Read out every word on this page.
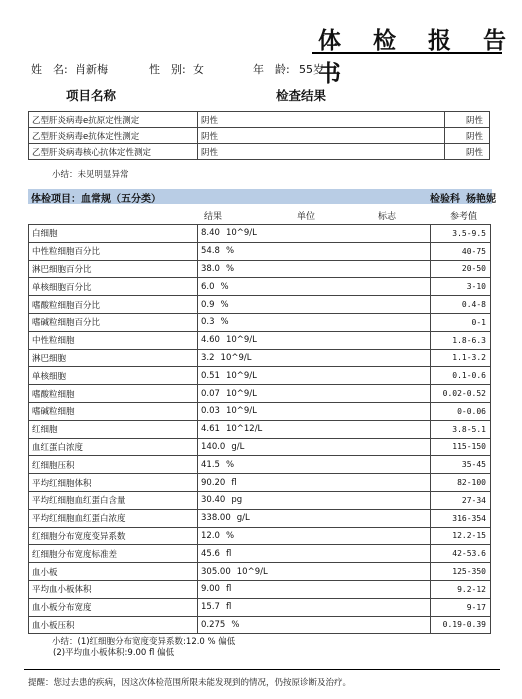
体 检 报 告 书
姓　名: 肖新梅	性　别: 女	年　龄: 55岁
项目名称	检查结果
乙型肝炎病毒e抗原定性测定	阴性	阴性
乙型肝炎病毒e抗体定性测定	阴性	阴性
乙型肝炎病毒核心抗体定性测定	阴性	阴性
小结：未见明显异常
体检项目：血常规（五分类）	检验科 杨艳妮
结果	单位	标志	参考值
白细胞	8.40 10^9/L	3.5-9.5
中性粒细胞百分比	54.8 %	40-75
淋巴细胞百分比	38.0 %	20-50
单核细胞百分比	6.0 %	3-10
嗜酸粒细胞百分比	0.9 %	0.4-8
嗜碱粒细胞百分比	0.3 %	0-1
中性粒细胞	4.60 10^9/L	1.8-6.3
淋巴细胞	3.2 10^9/L	1.1-3.2
单核细胞	0.51 10^9/L	0.1-0.6
嗜酸粒细胞	0.07 10^9/L	0.02-0.52
嗜碱粒细胞	0.03 10^9/L	0-0.06
红细胞	4.61 10^12/L	3.8-5.1
血红蛋白浓度	140.0 g/L	115-150
红细胞压积	41.5 %	35-45
平均红细胞体积	90.20 fl	82-100
平均红细胞血红蛋白含量	30.40 pg	27-34
平均红细胞血红蛋白浓度	338.00 g/L	316-354
红细胞分布宽度变异系数	12.0 %	12.2-15
红细胞分布宽度标准差	45.6 fl	42-53.6
血小板	305.00 10^9/L	125-350
平均血小板体积	9.00 fl	9.2-12
血小板分布宽度	15.7 fl	9-17
血小板压积	0.275 %	0.19-0.39
小结：(1)红细胞分布宽度变异系数:12.0 % 偏低
(2)平均血小板体积:9.00 fl 偏低
提醒：您过去患的疾病，因这次体检范围所限未能发现到的情况，仍按原诊断及治疗。
